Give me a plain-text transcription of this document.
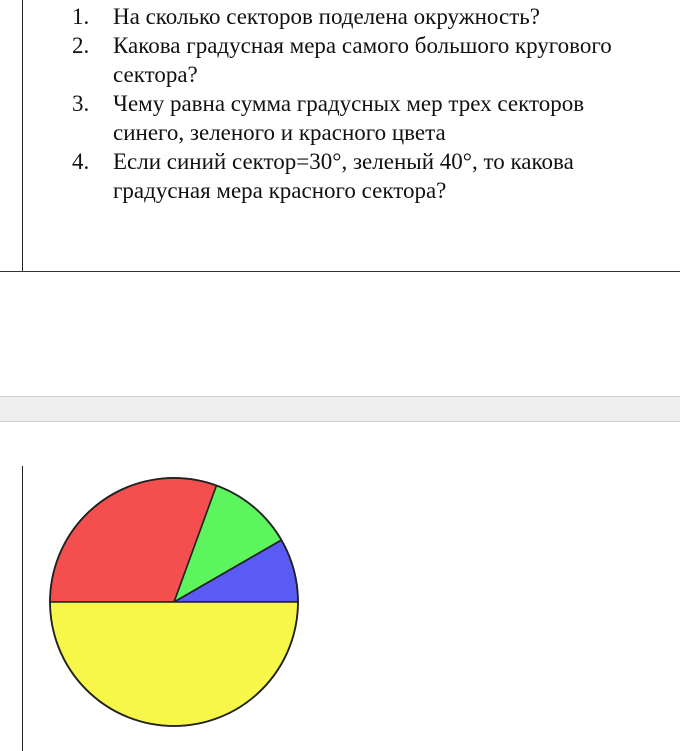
1. На сколько секторов поделена окружность?
2. Какова градусная мера самого большого кругового сектора?
3. Чему равна сумма градусных мер трех секторов синего, зеленого и красного цвета
4. Если синий сектор=30°, зеленый 40°, то какова градусная мера красного сектора?
